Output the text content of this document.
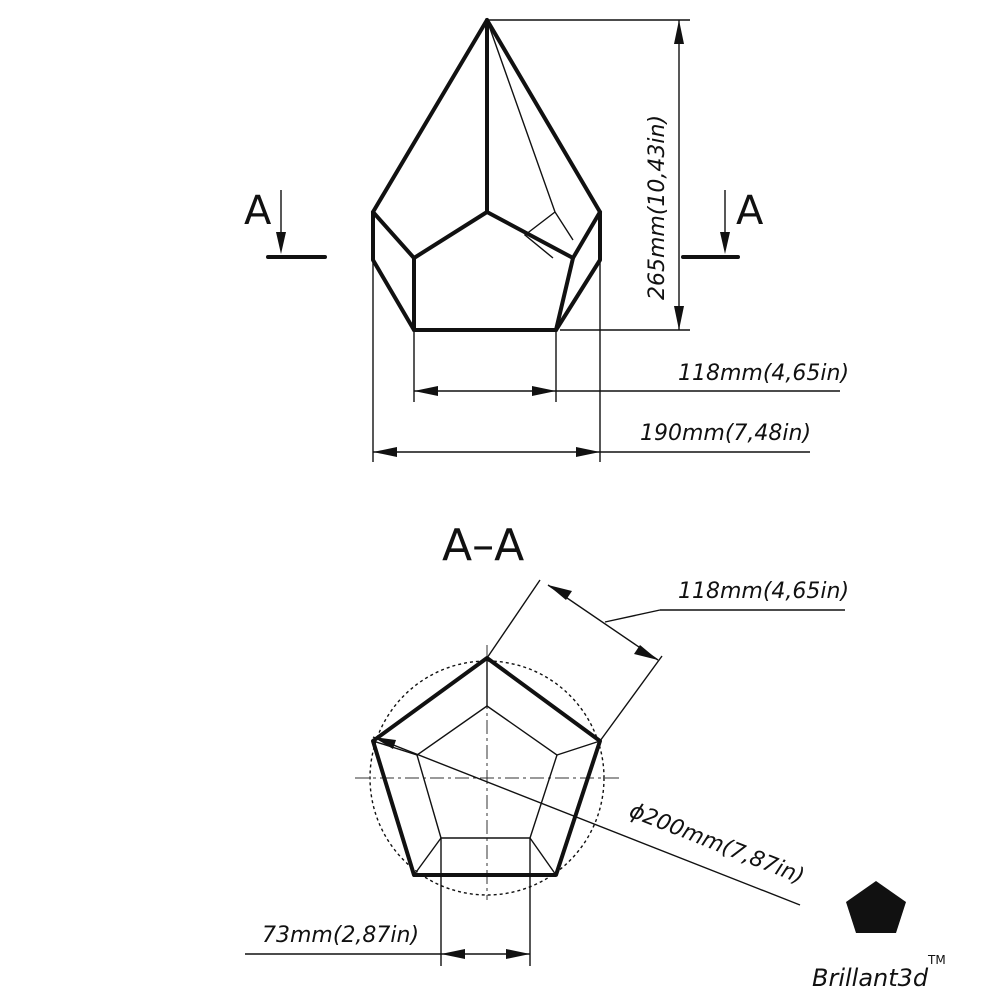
A	A
265mm(10,43in)
118mm(4,65in)
190mm(7,48in)
A–A
118mm(4,65in)
ϕ200mm(7,87in)
73mm(2,87in)
Brillant3d
TM
